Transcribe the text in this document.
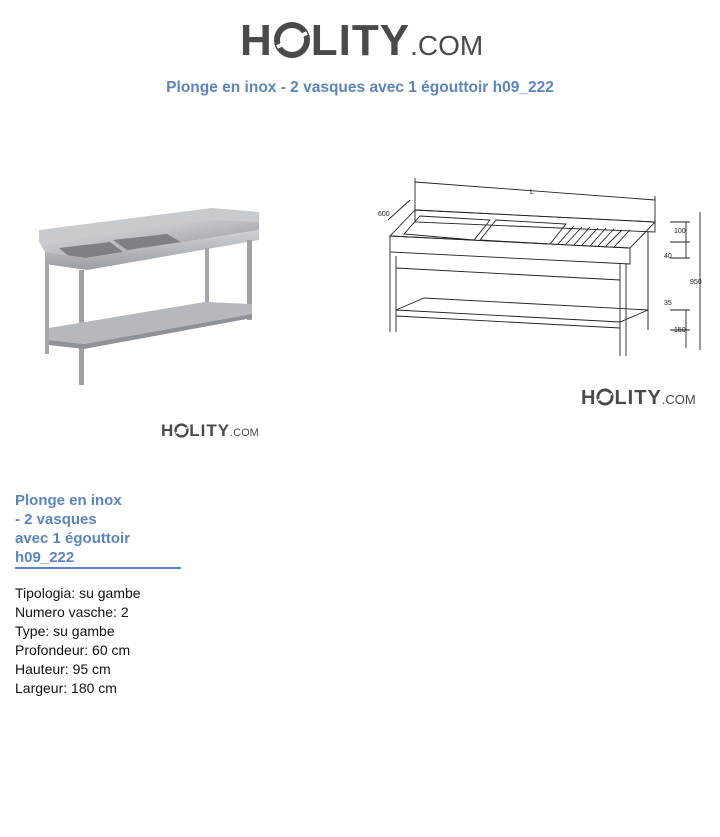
H LITY .COM
Plonge en inox - 2 vasques avec 1 égouttoir h09_222
H LITY .COM
L
600
100
40
950
35
150
H LITY .COM
Plonge en inox
- 2 vasques
avec 1 égouttoir
h09_222
Tipologia: su gambe
Numero vasche: 2
Type: su gambe
Profondeur: 60 cm
Hauteur: 95 cm
Largeur: 180 cm
